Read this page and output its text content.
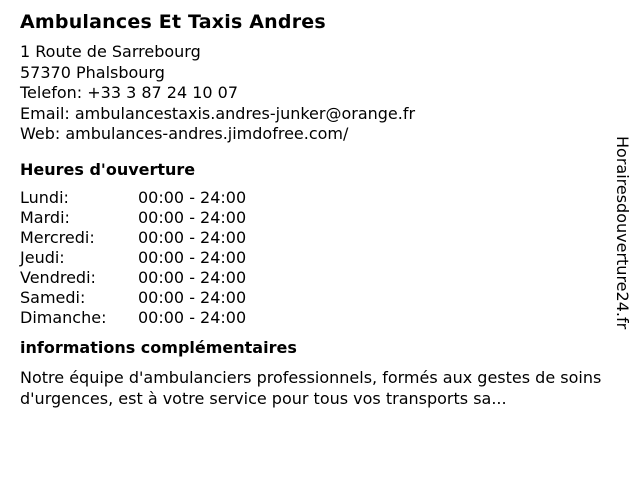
Ambulances Et Taxis Andres
1 Route de Sarrebourg
57370 Phalsbourg
Telefon: +33 3 87 24 10 07
Email: ambulancestaxis.andres-junker@orange.fr
Web: ambulances-andres.jimdofree.com/
Heures d'ouverture
Lundi:	00:00 - 24:00
Mardi:	00:00 - 24:00
Mercredi:	00:00 - 24:00
Jeudi:	00:00 - 24:00
Vendredi:	00:00 - 24:00
Samedi:	00:00 - 24:00
Dimanche:	00:00 - 24:00
informations complémentaires
Notre équipe d'ambulanciers professionnels, formés aux gestes de soins d'urgences, est à votre service pour tous vos transports sa...
Horairesdouverture24.fr
